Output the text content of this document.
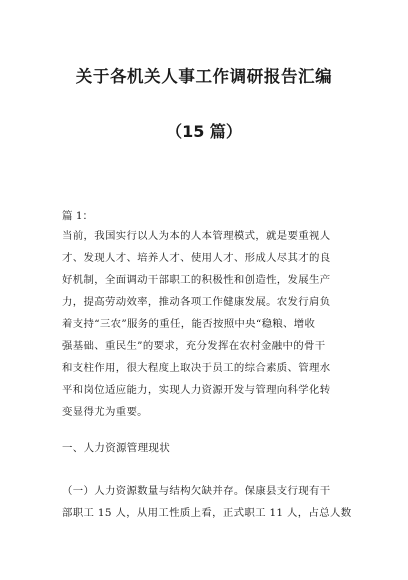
关于各机关人事工作调研报告汇编
（15 篇）
篇 1：

当前，我国实行以人为本的人本管理模式，就是要重视人
才、发现人才、培养人才、使用人才、形成人尽其才的良
好机制，全面调动干部职工的积极性和创造性，发展生产
力，提高劳动效率，推动各项工作健康发展。农发行肩负
着支持“三农”服务的重任，能否按照中央“稳粮、增收
强基础、重民生”的要求，充分发挥在农村金融中的骨干
和支柱作用，很大程度上取决于员工的综合素质、管理水
平和岗位适应能力，实现人力资源开发与管理向科学化转
变显得尤为重要。

一、人力资源管理现状

（一）人力资源数量与结构欠缺并存。保康县支行现有干
部职工 15 人，从用工性质上看，正式职工 11 人，占总人数
